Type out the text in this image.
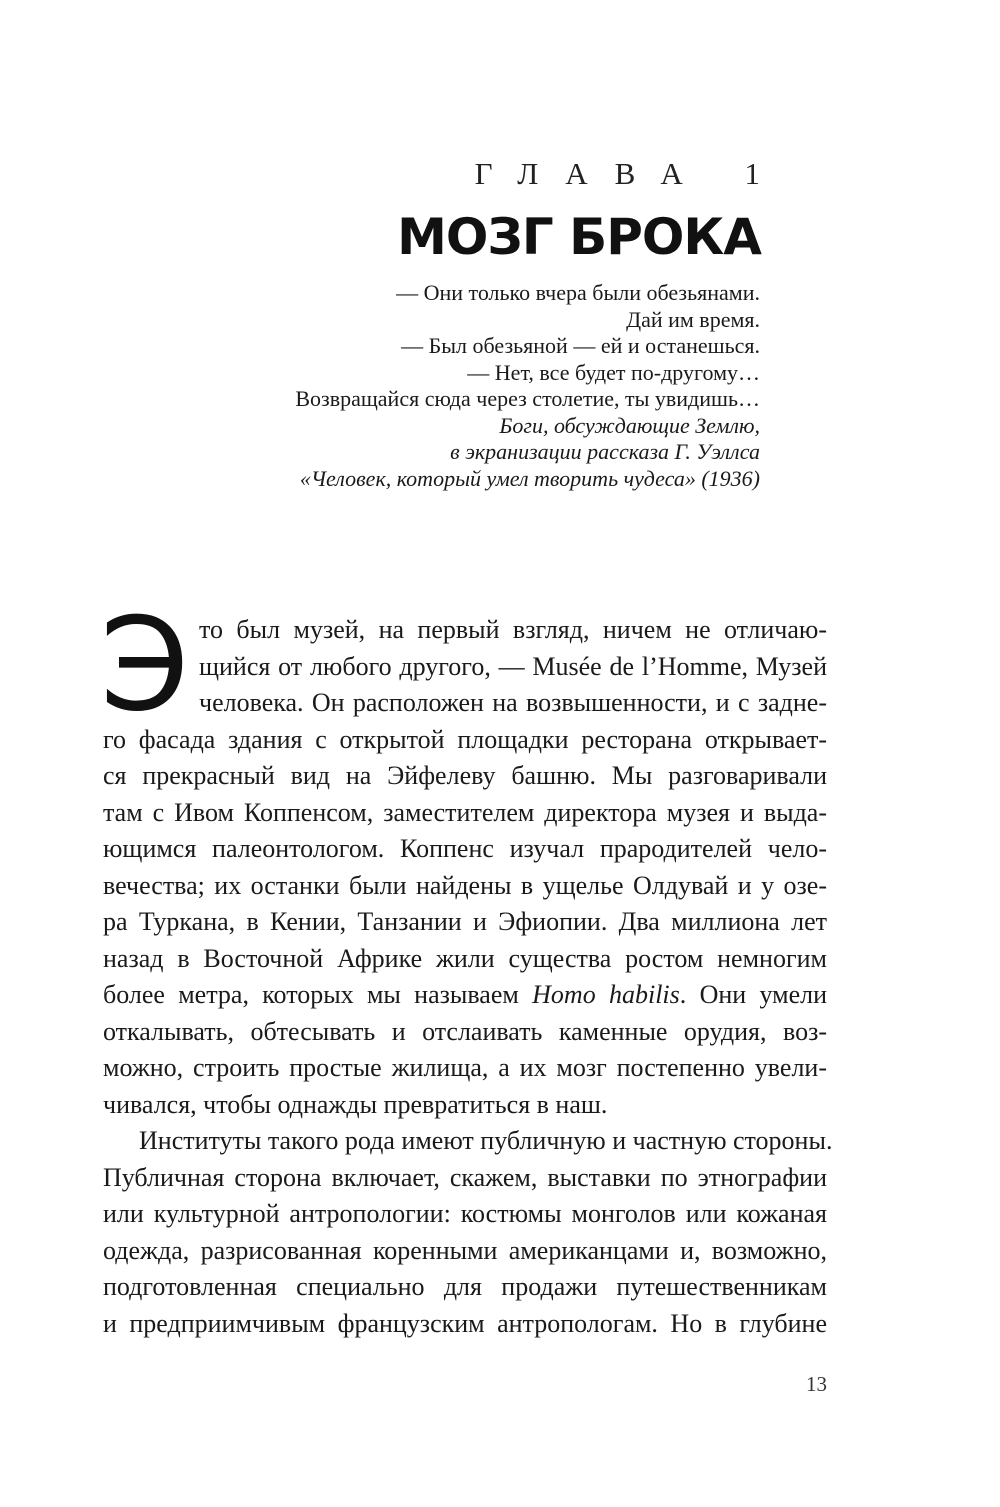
ГЛАВА 1
МОЗГ БРОКА
— Они только вчера были обезьянами.
Дай им время.
— Был обезьяной — ей и останешься.
— Нет, все будет по-другому…
Возвращайся сюда через столетие, ты увидишь…
Боги, обсуждающие Землю,
в экранизации рассказа Г. Уэллса
«Человек, который умел творить чудеса» (1936)
Э то был музей, на первый взгляд, ничем не отличаю-
щийся от любого другого, — Musée de l’Homme, Музей
человека. Он расположен на возвышенности, и с задне-
го фасада здания с открытой площадки ресторана открывает-
ся прекрасный вид на Эйфелеву башню. Мы разговаривали
там с Ивом Коппенсом, заместителем директора музея и выда-
ющимся палеонтологом. Коппенс изучал прародителей чело-
вечества; их останки были найдены в ущелье Олдувай и у озе-
ра Туркана, в Кении, Танзании и Эфиопии. Два миллиона лет
назад в Восточной Африке жили существа ростом немногим
более метра, которых мы называем Homo habilis. Они умели
откалывать, обтесывать и отслаивать каменные орудия, воз-
можно, строить простые жилища, а их мозг постепенно увели-
чивался, чтобы однажды превратиться в наш.
Институты такого рода имеют публичную и частную стороны.
Публичная сторона включает, скажем, выставки по этнографии
или культурной антропологии: костюмы монголов или кожаная
одежда, разрисованная коренными американцами и, возможно,
подготовленная специально для продажи путешественникам
и предприимчивым французским антропологам. Но в глубине
13
